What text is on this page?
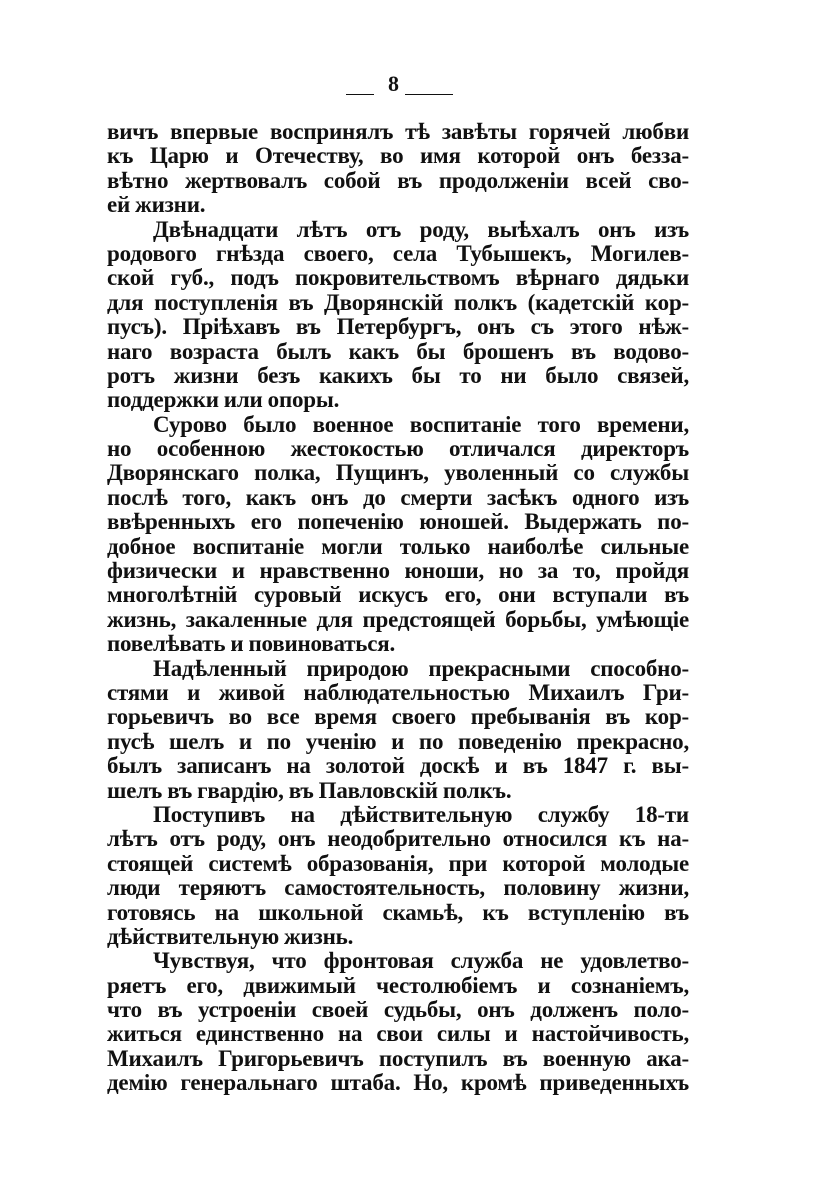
8
вичъ впервые воспринялъ тѣ завѣты горячей любви
къ Царю и Отечеству, во имя которой онъ безза-
вѣтно жертвовалъ собой въ продолженіи всей сво-
ей жизни.
Двѣнадцати лѣтъ отъ роду, выѣхалъ онъ изъ
родового гнѣзда своего, села Тубышекъ, Могилев-
ской губ., подъ покровительствомъ вѣрнаго дядьки
для поступленія въ Дворянскій полкъ (кадетскій кор-
пусъ). Пріѣхавъ въ Петербургъ, онъ съ этого нѣж-
наго возраста былъ какъ бы брошенъ въ водово-
ротъ жизни безъ какихъ бы то ни было связей,
поддержки или опоры.
Сурово было военное воспитаніе того времени,
но особенною жестокостью отличался директоръ
Дворянскаго полка, Пущинъ, уволенный со службы
послѣ того, какъ онъ до смерти засѣкъ одного изъ
ввѣренныхъ его попеченію юношей. Выдержать по-
добное воспитаніе могли только наиболѣе сильные
физически и нравственно юноши, но за то, пройдя
многолѣтній суровый искусъ его, они вступали въ
жизнь, закаленные для предстоящей борьбы, умѣющіе
повелѣвать и повиноваться.
Надѣленный природою прекрасными способно-
стями и живой наблюдательностью Михаилъ Гри-
горьевичъ во все время своего пребыванія въ кор-
пусѣ шелъ и по ученію и по поведенію прекрасно,
былъ записанъ на золотой доскѣ и въ 1847 г. вы-
шелъ въ гвардію, въ Павловскій полкъ.
Поступивъ на дѣйствительную службу 18-ти
лѣтъ отъ роду, онъ неодобрительно относился къ на-
стоящей системѣ образованія, при которой молодые
люди теряютъ самостоятельность, половину жизни,
готовясь на школьной скамьѣ, къ вступленію въ
дѣйствительную жизнь.
Чувствуя, что фронтовая служба не удовлетво-
ряетъ его, движимый честолюбіемъ и сознаніемъ,
что въ устроеніи своей судьбы, онъ долженъ поло-
житься единственно на свои силы и настойчивость,
Михаилъ Григорьевичъ поступилъ въ военную ака-
демію генеральнаго штаба. Но, кромѣ приведенныхъ
